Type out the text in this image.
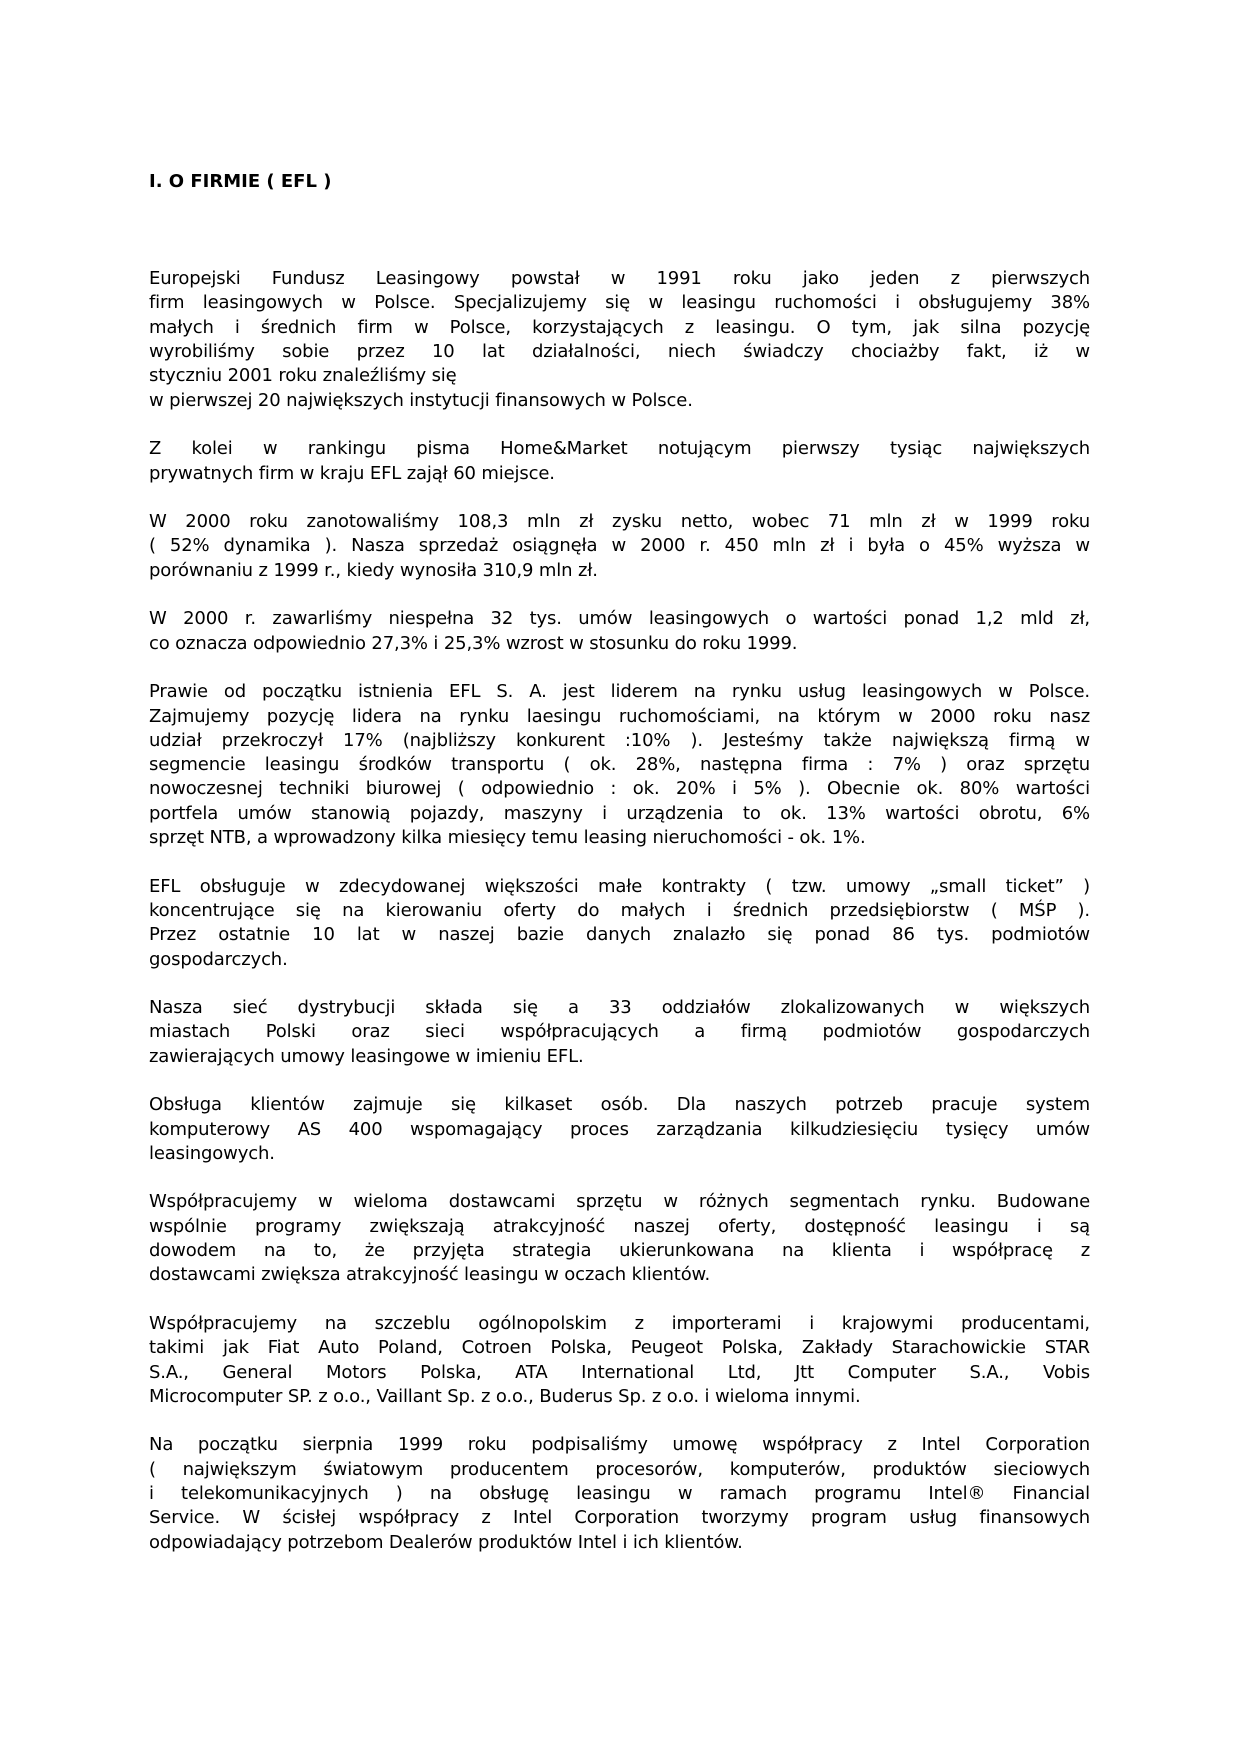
I. O FIRMIE ( EFL )
Europejski Fundusz Leasingowy powstał w 1991 roku jako jeden z pierwszych
firm leasingowych w Polsce. Specjalizujemy się w leasingu ruchomości i obsługujemy 38%
małych i średnich firm w Polsce, korzystających z leasingu. O tym, jak silna pozycję
wyrobiliśmy sobie przez 10 lat działalności, niech świadczy chociażby fakt, iż w
styczniu 2001 roku znaleźliśmy się
w pierwszej 20 największych instytucji finansowych w Polsce.
Z kolei w rankingu pisma Home&Market notującym pierwszy tysiąc największych
prywatnych firm w kraju EFL zajął 60 miejsce.
W 2000 roku zanotowaliśmy 108,3 mln zł zysku netto, wobec 71 mln zł w 1999 roku
( 52% dynamika ). Nasza sprzedaż osiągnęła w 2000 r. 450 mln zł i była o 45% wyższa w
porównaniu z 1999 r., kiedy wynosiła 310,9 mln zł.
W 2000 r. zawarliśmy niespełna 32 tys. umów leasingowych o wartości ponad 1,2 mld zł,
co oznacza odpowiednio 27,3% i 25,3% wzrost w stosunku do roku 1999.
Prawie od początku istnienia EFL S. A. jest liderem na rynku usług leasingowych w Polsce.
Zajmujemy pozycję lidera na rynku laesingu ruchomościami, na którym w 2000 roku nasz
udział przekroczył 17% (najbliższy konkurent :10% ). Jesteśmy także największą firmą w
segmencie leasingu środków transportu ( ok. 28%, następna firma : 7% ) oraz sprzętu
nowoczesnej techniki biurowej ( odpowiednio : ok. 20% i 5% ). Obecnie ok. 80% wartości
portfela umów stanowią pojazdy, maszyny i urządzenia to ok. 13% wartości obrotu, 6%
sprzęt NTB, a wprowadzony kilka miesięcy temu leasing nieruchomości - ok. 1%.
EFL obsługuje w zdecydowanej większości małe kontrakty ( tzw. umowy „small ticket” )
koncentrujące się na kierowaniu oferty do małych i średnich przedsiębiorstw ( MŚP ).
Przez ostatnie 10 lat w naszej bazie danych znalazło się ponad 86 tys. podmiotów
gospodarczych.
Nasza sieć dystrybucji składa się a 33 oddziałów zlokalizowanych w większych
miastach Polski oraz sieci współpracujących a firmą podmiotów gospodarczych
zawierających umowy leasingowe w imieniu EFL.
Obsługa klientów zajmuje się kilkaset osób. Dla naszych potrzeb pracuje system
komputerowy AS 400 wspomagający proces zarządzania kilkudziesięciu tysięcy umów
leasingowych.
Współpracujemy w wieloma dostawcami sprzętu w różnych segmentach rynku. Budowane
wspólnie programy zwiększają atrakcyjność naszej oferty, dostępność leasingu i są
dowodem na to, że przyjęta strategia ukierunkowana na klienta i współpracę z
dostawcami zwiększa atrakcyjność leasingu w oczach klientów.
Współpracujemy na szczeblu ogólnopolskim z importerami i krajowymi producentami,
takimi jak Fiat Auto Poland, Cotroen Polska, Peugeot Polska, Zakłady Starachowickie STAR
S.A., General Motors Polska, ATA International Ltd, Jtt Computer S.A., Vobis
Microcomputer SP. z o.o., Vaillant Sp. z o.o., Buderus Sp. z o.o. i wieloma innymi.
Na początku sierpnia 1999 roku podpisaliśmy umowę współpracy z Intel Corporation
( największym światowym producentem procesorów, komputerów, produktów sieciowych
i telekomunikacyjnych ) na obsługę leasingu w ramach programu Intel® Financial
Service. W ścisłej współpracy z Intel Corporation tworzymy program usług finansowych
odpowiadający potrzebom Dealerów produktów Intel i ich klientów.
